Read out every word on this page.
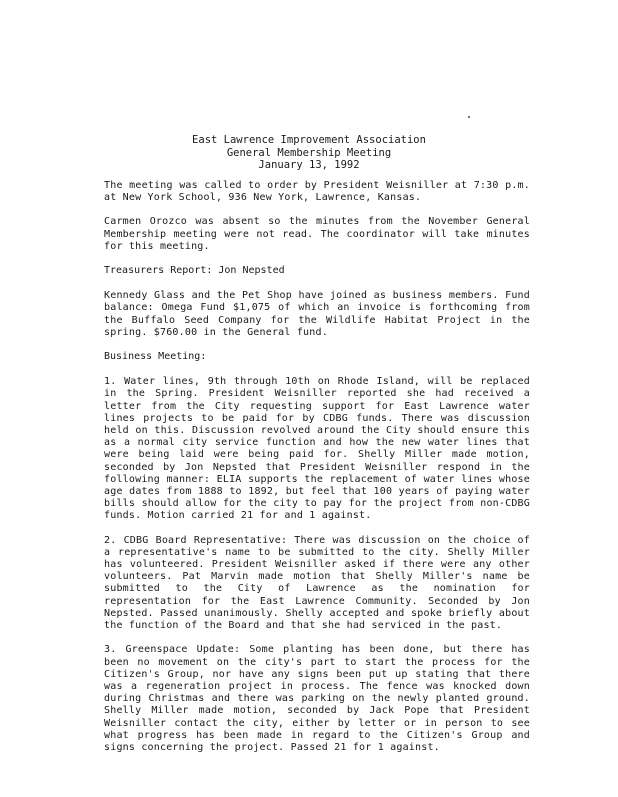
East Lawrence Improvement Association
General Membership Meeting
January 13, 1992

The meeting was called to order by President Weisniller at 7:30 p.m. at New York School, 936 New York, Lawrence, Kansas.

Carmen Orozco was absent so the minutes from the November General Membership meeting were not read. The coordinator will take minutes for this meeting.

Treasurers Report: Jon Nepsted

Kennedy Glass and the Pet Shop have joined as business members. Fund balance: Omega Fund $1,075 of which an invoice is forthcoming from the Buffalo Seed Company for the Wildlife Habitat Project in the spring. $760.00 in the General fund.

Business Meeting:

1. Water lines, 9th through 10th on Rhode Island, will be replaced in the Spring. President Weisniller reported she had received a letter from the City requesting support for East Lawrence water lines projects to be paid for by CDBG funds. There was discussion held on this. Discussion revolved around the City should ensure this as a normal city service function and how the new water lines that were being laid were being paid for. Shelly Miller made motion, seconded by Jon Nepsted that President Weisniller respond in the following manner: ELIA supports the replacement of water lines whose age dates from 1888 to 1892, but feel that 100 years of paying water bills should allow for the city to pay for the project from non-CDBG funds. Motion carried 21 for and 1 against.

2. CDBG Board Representative: There was discussion on the choice of a representative's name to be submitted to the city. Shelly Miller has volunteered. President Weisniller asked if there were any other volunteers. Pat Marvin made motion that Shelly Miller's name be submitted to the City of Lawrence as the nomination for representation for the East Lawrence Community. Seconded by Jon Nepsted. Passed unanimously. Shelly accepted and spoke briefly about the function of the Board and that she had serviced in the past.

3. Greenspace Update: Some planting has been done, but there has been no movement on the city's part to start the process for the Citizen's Group, nor have any signs been put up stating that there was a regeneration project in process. The fence was knocked down during Christmas and there was parking on the newly planted ground. Shelly Miller made motion, seconded by Jack Pope that President Weisniller contact the city, either by letter or in person to see what progress has been made in regard to the Citizen's Group and signs concerning the project. Passed 21 for 1 against.
